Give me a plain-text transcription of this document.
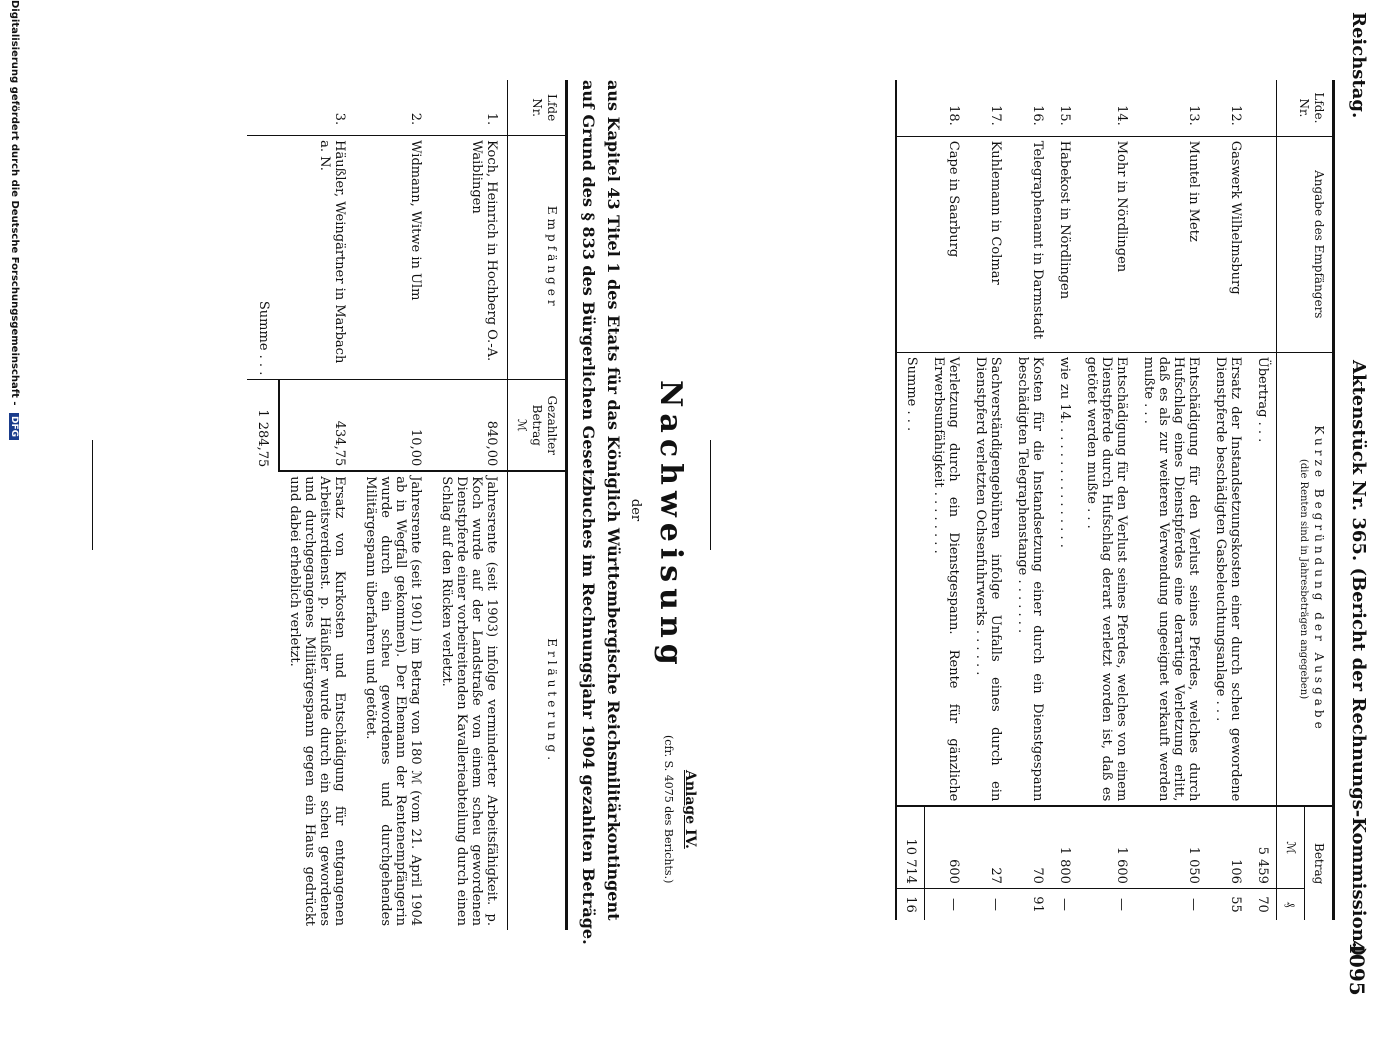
Reichstag.
Aktenstück Nr. 365. (Bericht der Rechnungs-Kommission.)
4095
Lfde. Nr.	Angabe des Empfängers	Kurze Begründung der Ausgabe
(die Renten sind in Jahresbeträgen angegeben)	Betrag	
			ℳ	₰
		Übertrag . . .	5 459	70
12.	Gaswerk Wilhelmsburg	Ersatz der Instandsetzungskosten einer durch scheu gewordene Dienstpferde beschädigten Gasbeleuchtungsanlage . . .	106	55
13.	Muntel in Metz	Entschädigung für den Verlust seines Pferdes, welches durch Hufschlag eines Dienstpferdes eine derartige Verletzung erlitt, daß es als zur weiteren Verwendung ungeeignet verkauft werden mußte . . .	1 050	—
14.	Mohr in Nördlingen	Entschädigung für den Verlust seines Pferdes, welches von einem Dienstpferde durch Hufschlag derart verletzt worden ist, daß es getötet werden mußte . . .	1 600	—
15.	Habekost in Nördlingen	wie zu 14. . . . . . . . . . . . . . . .	1 800	—
16.	Telegraphenamt in Darmstadt	Kosten für die Instandsetzung einer durch ein Dienstgespann beschädigten Telegraphenstange . . . . . . .	70	91
17.	Kuhlemann in Colmar	Sachverständigengebühren infolge Unfalls eines durch ein Dienstpferd verletzten Ochsenfuhrwerks . . . . . .	27	—
18.	Cape in Saarburg	Verletzung durch ein Dienstgespann. Rente für gänzliche Erwerbsunfähigkeit . . . . . . . .	600	—
		Summe . . .	10 714	16
Anlage IV.
(cfr. S. 4075 des Berichts.)
Nachweisung
der
aus Kapitel 43 Titel 1 des Etats für das Königlich Württembergische Reichsmilitärkontingent
auf Grund des § 833 des Bürgerlichen Gesetzbuches im Rechnungsjahr 1904 gezahlten Beträge.
Lfde Nr.	Empfänger	Gezahlter Betrag
ℳ	Erläuterung.
1.	Koch, Heinrich in Hochberg O.-A. Waiblingen	840,00	Jahresrente (seit 1903) infolge verminderter Arbeitsfähigkeit. p. Koch wurde auf der Landstraße von einem scheu gewordenen Dienstpferde einer vorbeireitenden Kavallerieabteilung durch einen Schlag auf den Rücken verletzt.
2.	Widmann, Witwe in Ulm	10,00	Jahresrente (seit 1901) im Betrag von 180 ℳ (vom 21. April 1904 ab in Wegfall gekommen). Der Ehemann der Rentenempfängerin wurde durch ein scheu gewordenes und durchgehendes Militärgespann überfahren und getötet.
3.	Häußler, Weingärtner in Marbach a. N.	434,75	Ersatz von Kurkosten und Entschädigung für entgangenen Arbeitsverdienst. p. Häußler wurde durch ein scheu gewordenes und durchgegangenes Militärgespann gegen ein Haus gedrückt und dabei erheblich verletzt.
	Summe . . .	1 284,75	
Digitalisierung gefördert durch die Deutsche Forschungsgemeinschaft - DFG
